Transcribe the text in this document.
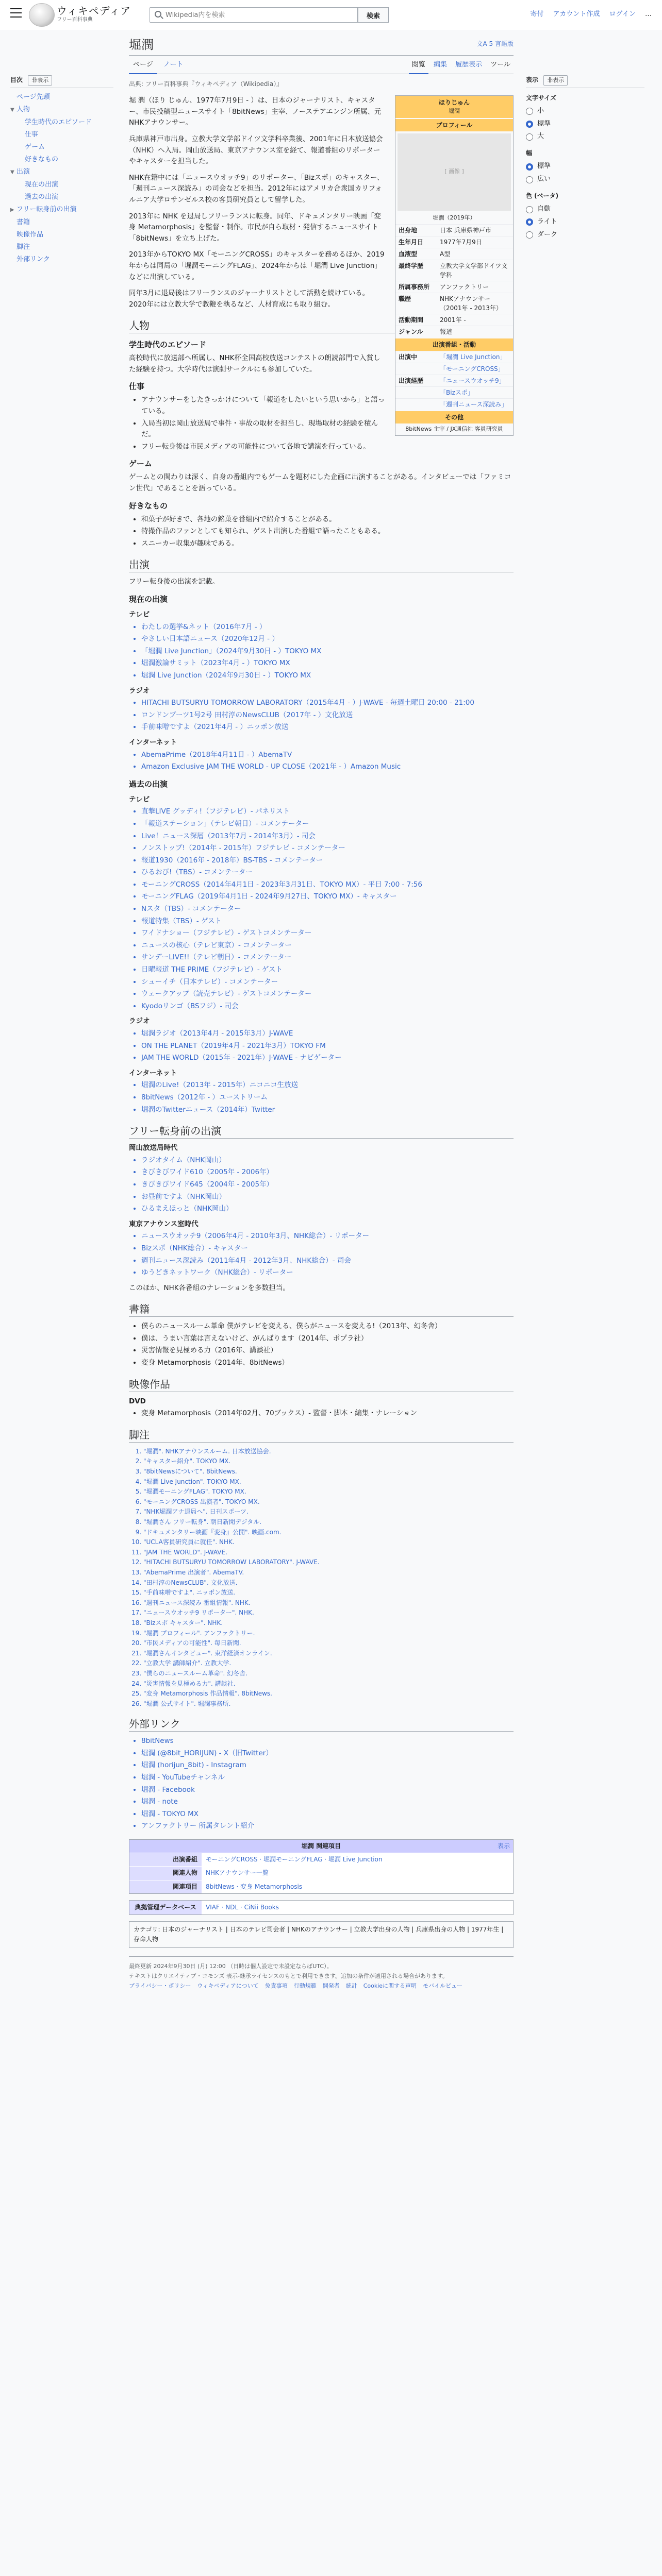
ウィキペディア
フリー百科事典
Wikipedia内を検索	検索	寄付 アカウント作成 ログイン …
目次 非表示
ページ先頭
▼ 人物
学生時代のエピソード
仕事
ゲーム
好きなもの
▼ 出演
現在の出演
過去の出演
▶ フリー転身前の出演
書籍
映像作品
脚注
外部リンク
堀潤	文A 5 言語版
ページ ノート	閲覧 編集 履歴表示 ツール
出典: フリー百科事典『ウィキペディア（Wikipedia）』
ほりじゅん
堀潤
プロフィール
[ 画像 ]
堀潤（2019年）
出身地	日本 兵庫県神戸市
生年月日	1977年7月9日
血液型	A型
最終学歴	立教大学文学部ドイツ文学科
所属事務所	アンファクトリー
職歴	NHKアナウンサー（2001年 - 2013年）
活動期間	2001年 -
ジャンル	報道
出演番組・活動
出演中	「堀潤 Live Junction」
「モーニングCROSS」
出演経歴	「ニュースウオッチ9」
「Bizスポ」
「週刊ニュース深読み」
その他
8bitNews 主宰 / JX通信社 客員研究員

堀 潤（ほり じゅん、1977年7月9日 - ）は、日本のジャーナリスト、キャスター、市民投稿型ニュースサイト「8bitNews」主宰、ノーステアエンジン所属、元NHKアナウンサー。

兵庫県神戸市出身。立教大学文学部ドイツ文学科卒業後、2001年に日本放送協会（NHK）へ入局。岡山放送局、東京アナウンス室を経て、報道番組のリポーターやキャスターを担当した。

NHK在籍中には「ニュースウオッチ9」のリポーター、「Bizスポ」のキャスター、「週刊ニュース深読み」の司会などを担当。2012年にはアメリカ合衆国カリフォルニア大学ロサンゼルス校の客員研究員として留学した。

2013年に NHK を退局しフリーランスに転身。同年、ドキュメンタリー映画「変身 Metamorphosis」を監督・制作。市民が自ら取材・発信するニュースサイト「8bitNews」を立ち上げた。

2013年からTOKYO MX「モーニングCROSS」のキャスターを務めるほか、2019年からは同局の「堀潤モーニングFLAG」、2024年からは「堀潤 Live Junction」などに出演している。

同年3月に退局後はフリーランスのジャーナリストとして活動を続けている。2020年には立教大学で教鞭を執るなど、人材育成にも取り組む。

人物
学生時代のエピソード

高校時代に放送部へ所属し、NHK杯全国高校放送コンテストの朗読部門で入賞した経験を持つ。大学時代は演劇サークルにも参加していた。

仕事
• アナウンサーをしたきっかけについて「報道をしたいという思いから」と語っている。
• 入局当初は岡山放送局で事件・事故の取材を担当し、現場取材の経験を積んだ。
• フリー転身後は市民メディアの可能性について各地で講演を行っている。
ゲーム

ゲームとの関わりは深く、自身の番組内でもゲームを題材にした企画に出演することがある。インタビューでは「ファミコン世代」であることを語っている。

好きなもの
• 和菓子が好きで、各地の銘菓を番組内で紹介することがある。
• 特撮作品のファンとしても知られ、ゲスト出演した番組で語ったこともある。
• スニーカー収集が趣味である。
出演

フリー転身後の出演を記載。

現在の出演
テレビ
• わたしの選挙&ネット（2016年7月 - ）
• やさしい日本語ニュース（2020年12月 - ）
• 「堀潤 Live Junction」（2024年9月30日 - ）TOKYO MX
• 堀潤激論サミット（2023年4月 - ）TOKYO MX
• 堀潤 Live Junction（2024年9月30日 - ）TOKYO MX
ラジオ
• HITACHI BUTSURYU TOMORROW LABORATORY（2015年4月 - ）J-WAVE - 毎週土曜日 20:00 - 21:00
• ロンドンブーツ1号2号 田村淳のNewsCLUB（2017年 - ）文化放送
• 手前味噌ですよ（2021年4月 - ）ニッポン放送
インターネット
• AbemaPrime（2018年4月11日 - ）AbemaTV
• Amazon Exclusive JAM THE WORLD - UP CLOSE（2021年 - ）Amazon Music
過去の出演
テレビ
• 直撃LIVE グッディ!（フジテレビ）- パネリスト
• 「報道ステーション」（テレビ朝日）- コメンテーター
• Live！ニュース深層（2013年7月 - 2014年3月）- 司会
• ノンストップ!（2014年 - 2015年）フジテレビ - コメンテーター
• 報道1930（2016年 - 2018年）BS-TBS - コメンテーター
• ひるおび!（TBS）- コメンテーター
• モーニングCROSS（2014年4月1日 - 2023年3月31日、TOKYO MX）- 平日 7:00 - 7:56
• モーニングFLAG（2019年4月1日 - 2024年9月27日、TOKYO MX）- キャスター
• Nスタ（TBS）- コメンテーター
• 報道特集（TBS）- ゲスト
• ワイドナショー（フジテレビ）- ゲストコメンテーター
• ニュースの核心（テレビ東京）- コメンテーター
• サンデーLIVE!!（テレビ朝日）- コメンテーター
• 日曜報道 THE PRIME（フジテレビ）- ゲスト
• シューイチ（日本テレビ）- コメンテーター
• ウェークアップ（読売テレビ）- ゲストコメンテーター
• Kyodoリンゴ（BSフジ）- 司会
ラジオ
• 堀潤ラジオ（2013年4月 - 2015年3月）J-WAVE
• ON THE PLANET（2019年4月 - 2021年3月）TOKYO FM
• JAM THE WORLD（2015年 - 2021年）J-WAVE - ナビゲーター
インターネット
• 堀潤のLive!（2013年 - 2015年）ニコニコ生放送
• 8bitNews（2012年 - ）ユーストリーム
• 堀潤のTwitterニュース（2014年）Twitter
フリー転身前の出演
岡山放送局時代
• ラジオタイム（NHK岡山）
• きびきびワイド610（2005年 - 2006年）
• きびきびワイド645（2004年 - 2005年）
• お昼前ですよ（NHK岡山）
• ひるまえほっと（NHK岡山）
東京アナウンス室時代
• ニュースウオッチ9（2006年4月 - 2010年3月、NHK総合）- リポーター
• Bizスポ（NHK総合）- キャスター
• 週刊ニュース深読み（2011年4月 - 2012年3月、NHK総合）- 司会
• ゆうどきネットワーク（NHK総合）- リポーター

このほか、NHK各番組のナレーションを多数担当。

書籍
• 僕らのニュースルーム革命 僕がテレビを変える、僕らがニュースを変える!（2013年、幻冬舎）
• 僕は、うまい言葉は言えないけど、がんばります（2014年、ポプラ社）
• 災害情報を見極める力（2016年、講談社）
• 変身 Metamorphosis（2014年、8bitNews）
映像作品
DVD
• 変身 Metamorphosis（2014年02月、70ブックス）- 監督・脚本・編集・ナレーション
脚注
1. "堀潤". NHKアナウンスルーム. 日本放送協会.
2. "キャスター紹介". TOKYO MX.
3. "8bitNewsについて". 8bitNews.
4. "堀潤 Live Junction". TOKYO MX.
5. "堀潤モーニングFLAG". TOKYO MX.
6. "モーニングCROSS 出演者". TOKYO MX.
7. "NHK堀潤アナ退局へ". 日刊スポーツ.
8. "堀潤さん フリー転身". 朝日新聞デジタル.
9. "ドキュメンタリー映画『変身』公開". 映画.com.
10. "UCLA客員研究員に就任". NHK.
11. "JAM THE WORLD". J-WAVE.
12. "HITACHI BUTSURYU TOMORROW LABORATORY". J-WAVE.
13. "AbemaPrime 出演者". AbemaTV.
14. "田村淳のNewsCLUB". 文化放送.
15. "手前味噌ですよ". ニッポン放送.
16. "週刊ニュース深読み 番組情報". NHK.
17. "ニュースウオッチ9 リポーター". NHK.
18. "Bizスポ キャスター". NHK.
19. "堀潤 プロフィール". アンファクトリー.
20. "市民メディアの可能性". 毎日新聞.
21. "堀潤さんインタビュー". 東洋経済オンライン.
22. "立教大学 講師紹介". 立教大学.
23. "僕らのニュースルーム革命". 幻冬舎.
24. "災害情報を見極める力". 講談社.
25. "変身 Metamorphosis 作品情報". 8bitNews.
26. "堀潤 公式サイト". 堀潤事務所.
外部リンク
• 8bitNews
• 堀潤 (@8bit_HORIJUN) - X（旧Twitter）
• 堀潤 (horijun_8bit) - Instagram
• 堀潤 - YouTubeチャンネル
• 堀潤 - Facebook
• 堀潤 - note
• 堀潤 - TOKYO MX
• アンファクトリー 所属タレント紹介
堀潤 関連項目	表示
出演番組	モーニングCROSS · 堀潤モーニングFLAG · 堀潤 Live Junction
関連人物	NHKアナウンサー一覧
関連項目	8bitNews · 変身 Metamorphosis
典拠管理データベース	VIAF · NDL · CiNii Books
カテゴリ: 日本のジャーナリスト | 日本のテレビ司会者 | NHKのアナウンサー | 立教大学出身の人物 | 兵庫県出身の人物 | 1977年生 | 存命人物
最終更新 2024年9月30日 (月) 12:00 （日時は個人設定で未設定ならばUTC）。
テキストはクリエイティブ・コモンズ 表示-継承ライセンスのもとで利用できます。追加の条件が適用される場合があります。
プライバシー・ポリシー ウィキペディアについて 免責事項 行動規範 開発者 統計 Cookieに関する声明 モバイルビュー
表示 非表示
文字サイズ
小
標準
大
幅
標準
広い
色 (ベータ)
自動
ライト
ダーク
